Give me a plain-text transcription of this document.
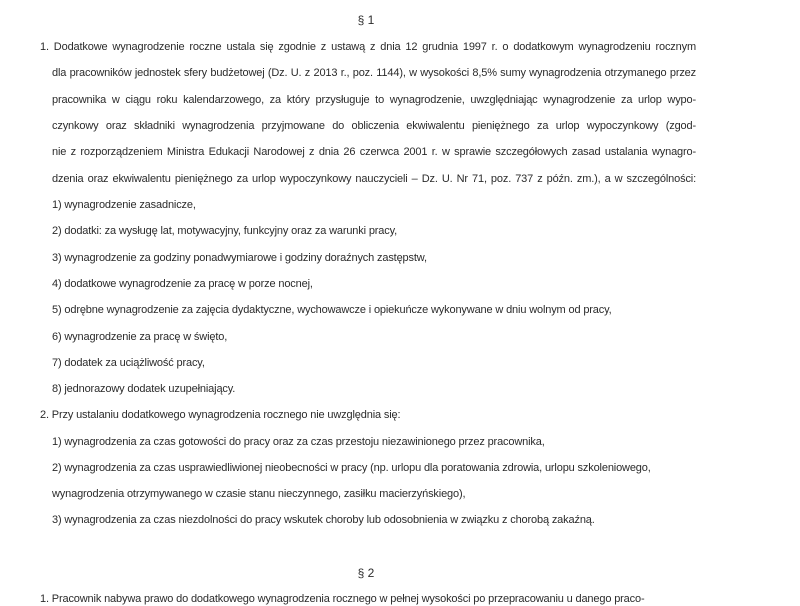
§ 1
1. Dodatkowe wynagrodzenie roczne ustala się zgodnie z ustawą z dnia 12 grudnia 1997 r. o dodatkowym wynagrodzeniu rocznym
dla pracowników jednostek sfery budżetowej (Dz. U. z 2013 r., poz. 1144), w wysokości 8,5% sumy wynagrodzenia otrzymanego przez
pracownika w ciągu roku kalendarzowego, za który przysługuje to wynagrodzenie, uwzględniając wynagrodzenie za urlop wypo-
czynkowy oraz składniki wynagrodzenia przyjmowane do obliczenia ekwiwalentu pieniężnego za urlop wypoczynkowy (zgod-
nie z rozporządzeniem Ministra Edukacji Narodowej z dnia 26 czerwca 2001 r. w sprawie szczegółowych zasad ustalania wynagro-
dzenia oraz ekwiwalentu pieniężnego za urlop wypoczynkowy nauczycieli – Dz. U. Nr 71, poz. 737 z późn. zm.), a w szczególności:
1) wynagrodzenie zasadnicze,
2) dodatki: za wysługę lat, motywacyjny, funkcyjny oraz za warunki pracy,
3) wynagrodzenie za godziny ponadwymiarowe i godziny doraźnych zastępstw,
4) dodatkowe wynagrodzenie za pracę w porze nocnej,
5) odrębne wynagrodzenie za zajęcia dydaktyczne, wychowawcze i opiekuńcze wykonywane w dniu wolnym od pracy,
6) wynagrodzenie za pracę w święto,
7) dodatek za uciążliwość pracy,
8) jednorazowy dodatek uzupełniający.
2. Przy ustalaniu dodatkowego wynagrodzenia rocznego nie uwzględnia się:
1) wynagrodzenia za czas gotowości do pracy oraz za czas przestoju niezawinionego przez pracownika,
2) wynagrodzenia za czas usprawiedliwionej nieobecności w pracy (np. urlopu dla poratowania zdrowia, urlopu szkoleniowego,
wynagrodzenia otrzymywanego w czasie stanu nieczynnego, zasiłku macierzyńskiego),
3) wynagrodzenia za czas niezdolności do pracy wskutek choroby lub odosobnienia w związku z chorobą zakaźną.
§ 2
1. Pracownik nabywa prawo do dodatkowego wynagrodzenia rocznego w pełnej wysokości po przepracowaniu u danego praco-
